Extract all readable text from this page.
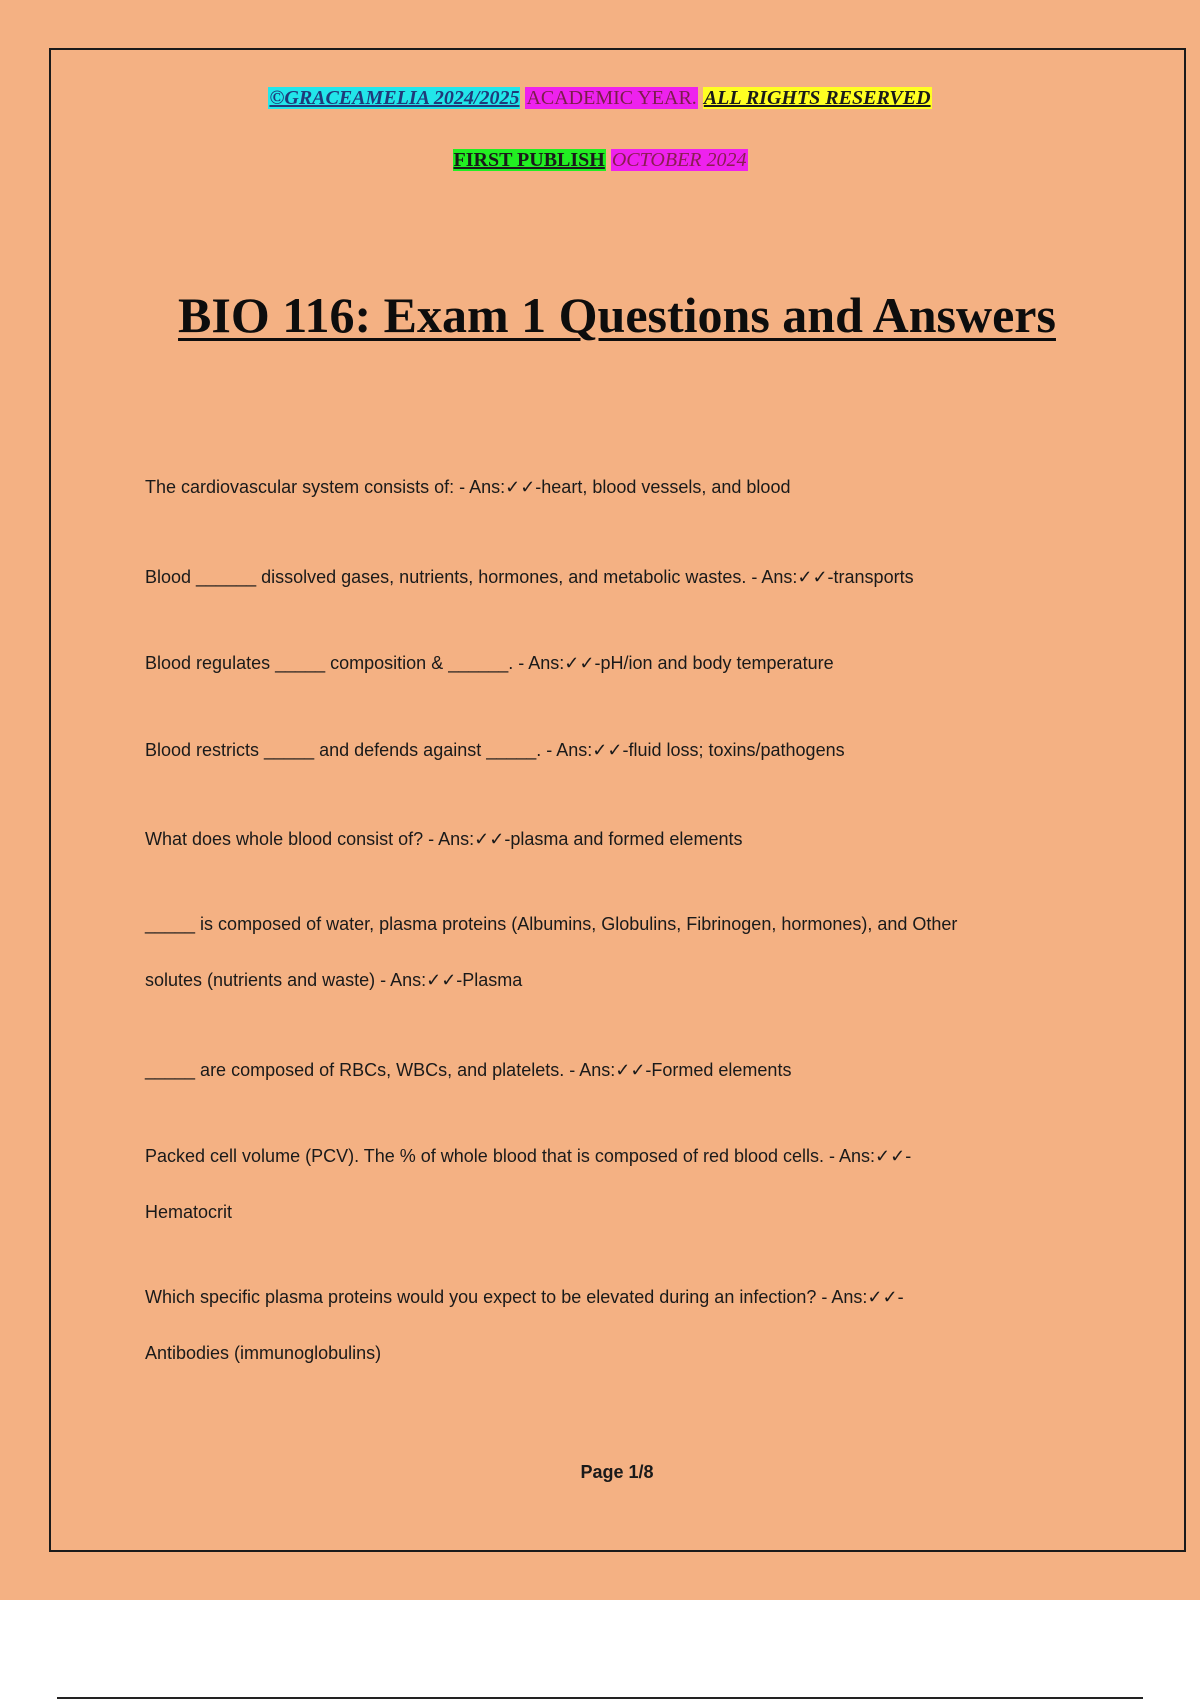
©GRACEAMELIA 2024/2025 ACADEMIC YEAR. ALL RIGHTS RESERVED
FIRST PUBLISH OCTOBER 2024
BIO 116: Exam 1 Questions and Answers
The cardiovascular system consists of: - Ans:✓✓-heart, blood vessels, and blood
Blood ______ dissolved gases, nutrients, hormones, and metabolic wastes. - Ans:✓✓-transports
Blood regulates _____ composition & ______. - Ans:✓✓-pH/ion and body temperature
Blood restricts _____ and defends against _____. - Ans:✓✓-fluid loss; toxins/pathogens
What does whole blood consist of? - Ans:✓✓-plasma and formed elements
_____ is composed of water, plasma proteins (Albumins, Globulins, Fibrinogen, hormones), and Other
solutes (nutrients and waste) - Ans:✓✓-Plasma
_____ are composed of RBCs, WBCs, and platelets. - Ans:✓✓-Formed elements
Packed cell volume (PCV). The % of whole blood that is composed of red blood cells. - Ans:✓✓-
Hematocrit
Which specific plasma proteins would you expect to be elevated during an infection? - Ans:✓✓-
Antibodies (immunoglobulins)
Page 1/8
